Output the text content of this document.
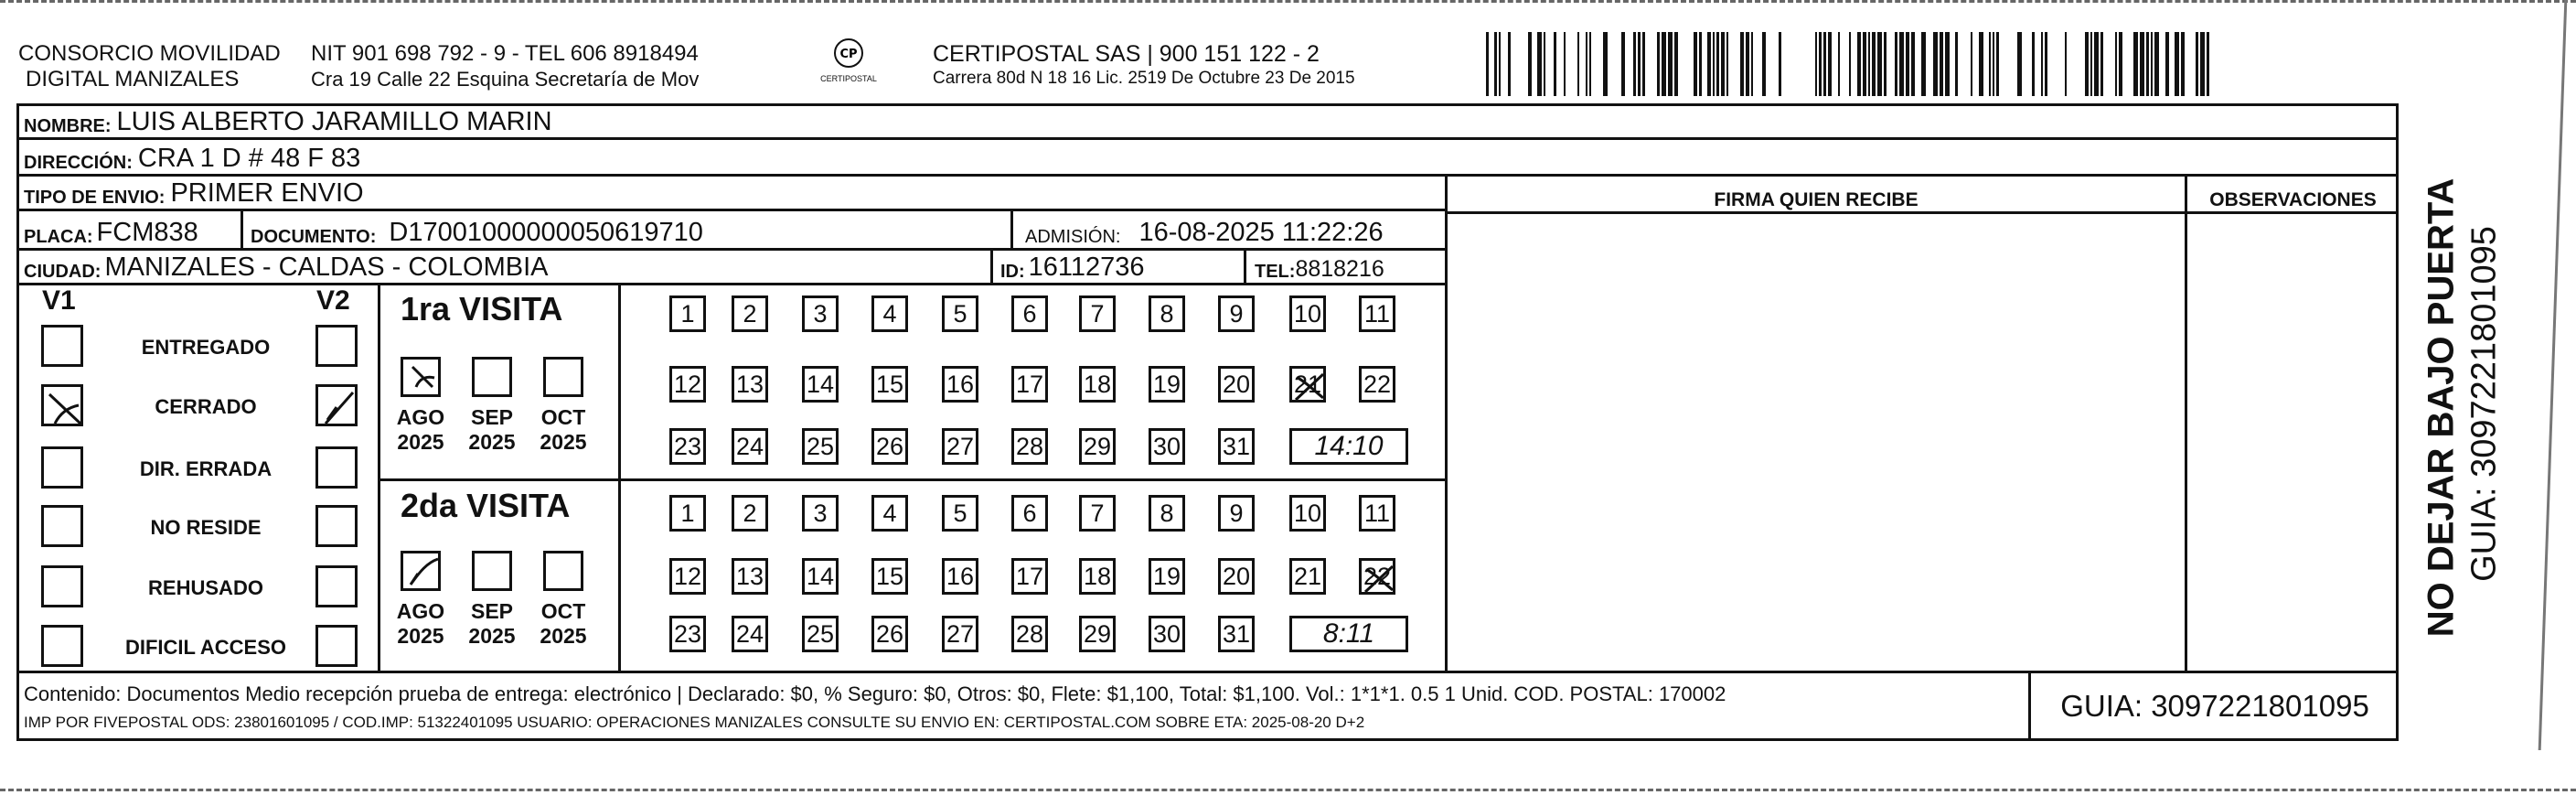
CONSORCIO MOVILIDAD
DIGITAL MANIZALES
NIT 901 698 792 - 9 - TEL 606 8918494
Cra 19 Calle 22 Esquina Secretaría de Mov
CP
CERTIPOSTAL
CERTIPOSTAL SAS | 900 151 122 - 2
Carrera 80d N 18 16 Lic. 2519 De Octubre 23 De 2015
NOMBRE: LUIS ALBERTO JARAMILLO MARIN
DIRECCIÓN: CRA 1 D # 48 F 83
TIPO DE ENVIO: PRIMER ENVIO
PLACA: FCM838	DOCUMENTO: D17001000000050619710	ADMISIÓN: 16-08-2025 11:22:26
CIUDAD: MANIZALES - CALDAS - COLOMBIA	ID: 16112736	TEL: 8818216
FIRMA QUIEN RECIBE	OBSERVACIONES
V1	V2
ENTREGADO
CERRADO
DIR. ERRADA
NO RESIDE
REHUSADO
DIFICIL ACCESO
1ra VISITA
2da VISITA
AGO
2025
SEP
2025
OCT
2025
1	2	3	4	5	6	7	8	9	10 11
12 13 14 15 16 17 18 19 20 21 22
23 24 25 26 27 28 29 30 31	14:10
AGO
2025
SEP
2025
OCT
2025
1	2	3	4	5	6	7	8	9	10 11
12 13 14 15 16 17 18 19 20 21 22
23 24 25 26 27 28 29 30 31	8:11
Contenido: Documentos Medio recepción prueba de entrega: electrónico | Declarado: $0, % Seguro: $0, Otros: $0, Flete: $1,100, Total: $1,100. Vol.: 1*1*1. 0.5 1 Unid. COD. POSTAL: 170002
IMP POR FIVEPOSTAL ODS: 23801601095 / COD.IMP: 51322401095 USUARIO: OPERACIONES MANIZALES CONSULTE SU ENVIO EN: CERTIPOSTAL.COM SOBRE ETA: 2025-08-20 D+2	GUIA: 3097221801095
NO DEJAR BAJO PUERTA GUIA: 3097221801095
